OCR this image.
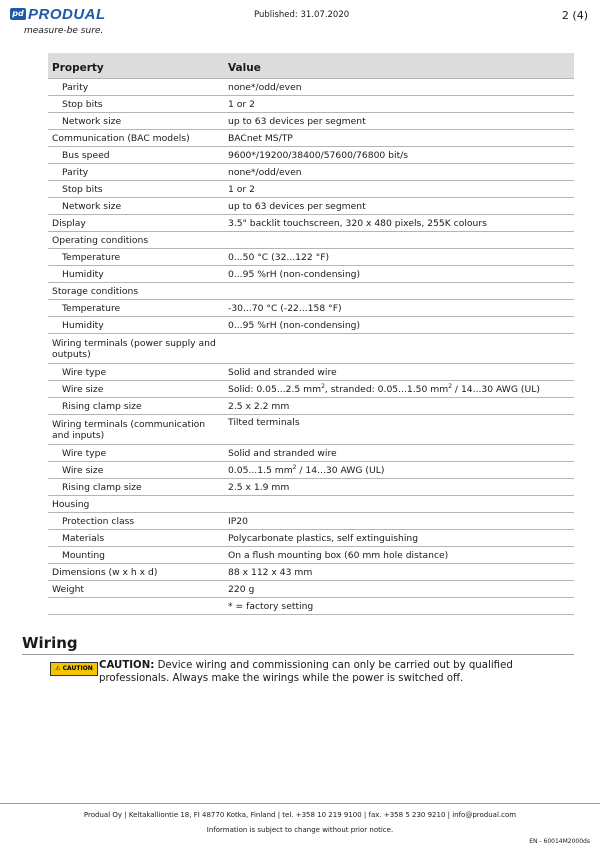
pd PRODUAL
measure-be sure.
Published: 31.07.2020	2 (4)
Property	Value
Parity	none*/odd/even
Stop bits	1 or 2
Network size	up to 63 devices per segment
Communication (BAC models)	BACnet MS/TP
Bus speed	9600*/19200/38400/57600/76800 bit/s
Parity	none*/odd/even
Stop bits	1 or 2
Network size	up to 63 devices per segment
Display	3.5" backlit touchscreen, 320 x 480 pixels, 255K colours
Operating conditions	
Temperature	0...50 °C (32...122 °F)
Humidity	0...95 %rH (non-condensing)
Storage conditions	
Temperature	-30...70 °C (-22...158 °F)
Humidity	0...95 %rH (non-condensing)
Wiring terminals (power supply and outputs)	
Wire type	Solid and stranded wire
Wire size	Solid: 0.05...2.5 $mm^2$, stranded: 0.05...1.50 $mm^2 / 14...30$ AWG (UL)
Rising clamp size	2.5 x 2.2 mm
Wiring terminals (communication and inputs)	Tilted terminals
Wire type	Solid and stranded wire
Wire size	0.05...1.5 $mm^2 / 14...30$ AWG (UL)
Rising clamp size	2.5 x 1.9 mm
Housing	
Protection class	IP20
Materials	Polycarbonate plastics, self extinguishing
Mounting	On a flush mounting box (60 mm hole distance)
Dimensions (w x h x d)	88 x 112 x 43 mm
Weight	220 g
	* = factory setting
Wiring
⚠ CAUTION CAUTION: Device wiring and commissioning can only be carried out by qualified professionals. Always make the wirings while the power is switched off.
Produal Oy | Keltakalliontie 18, FI 48770 Kotka, Finland | tel. +358 10 219 9100 | fax. +358 5 230 9210 | info@produal.com
Information is subject to change without prior notice.
EN - 60014M2000ds
